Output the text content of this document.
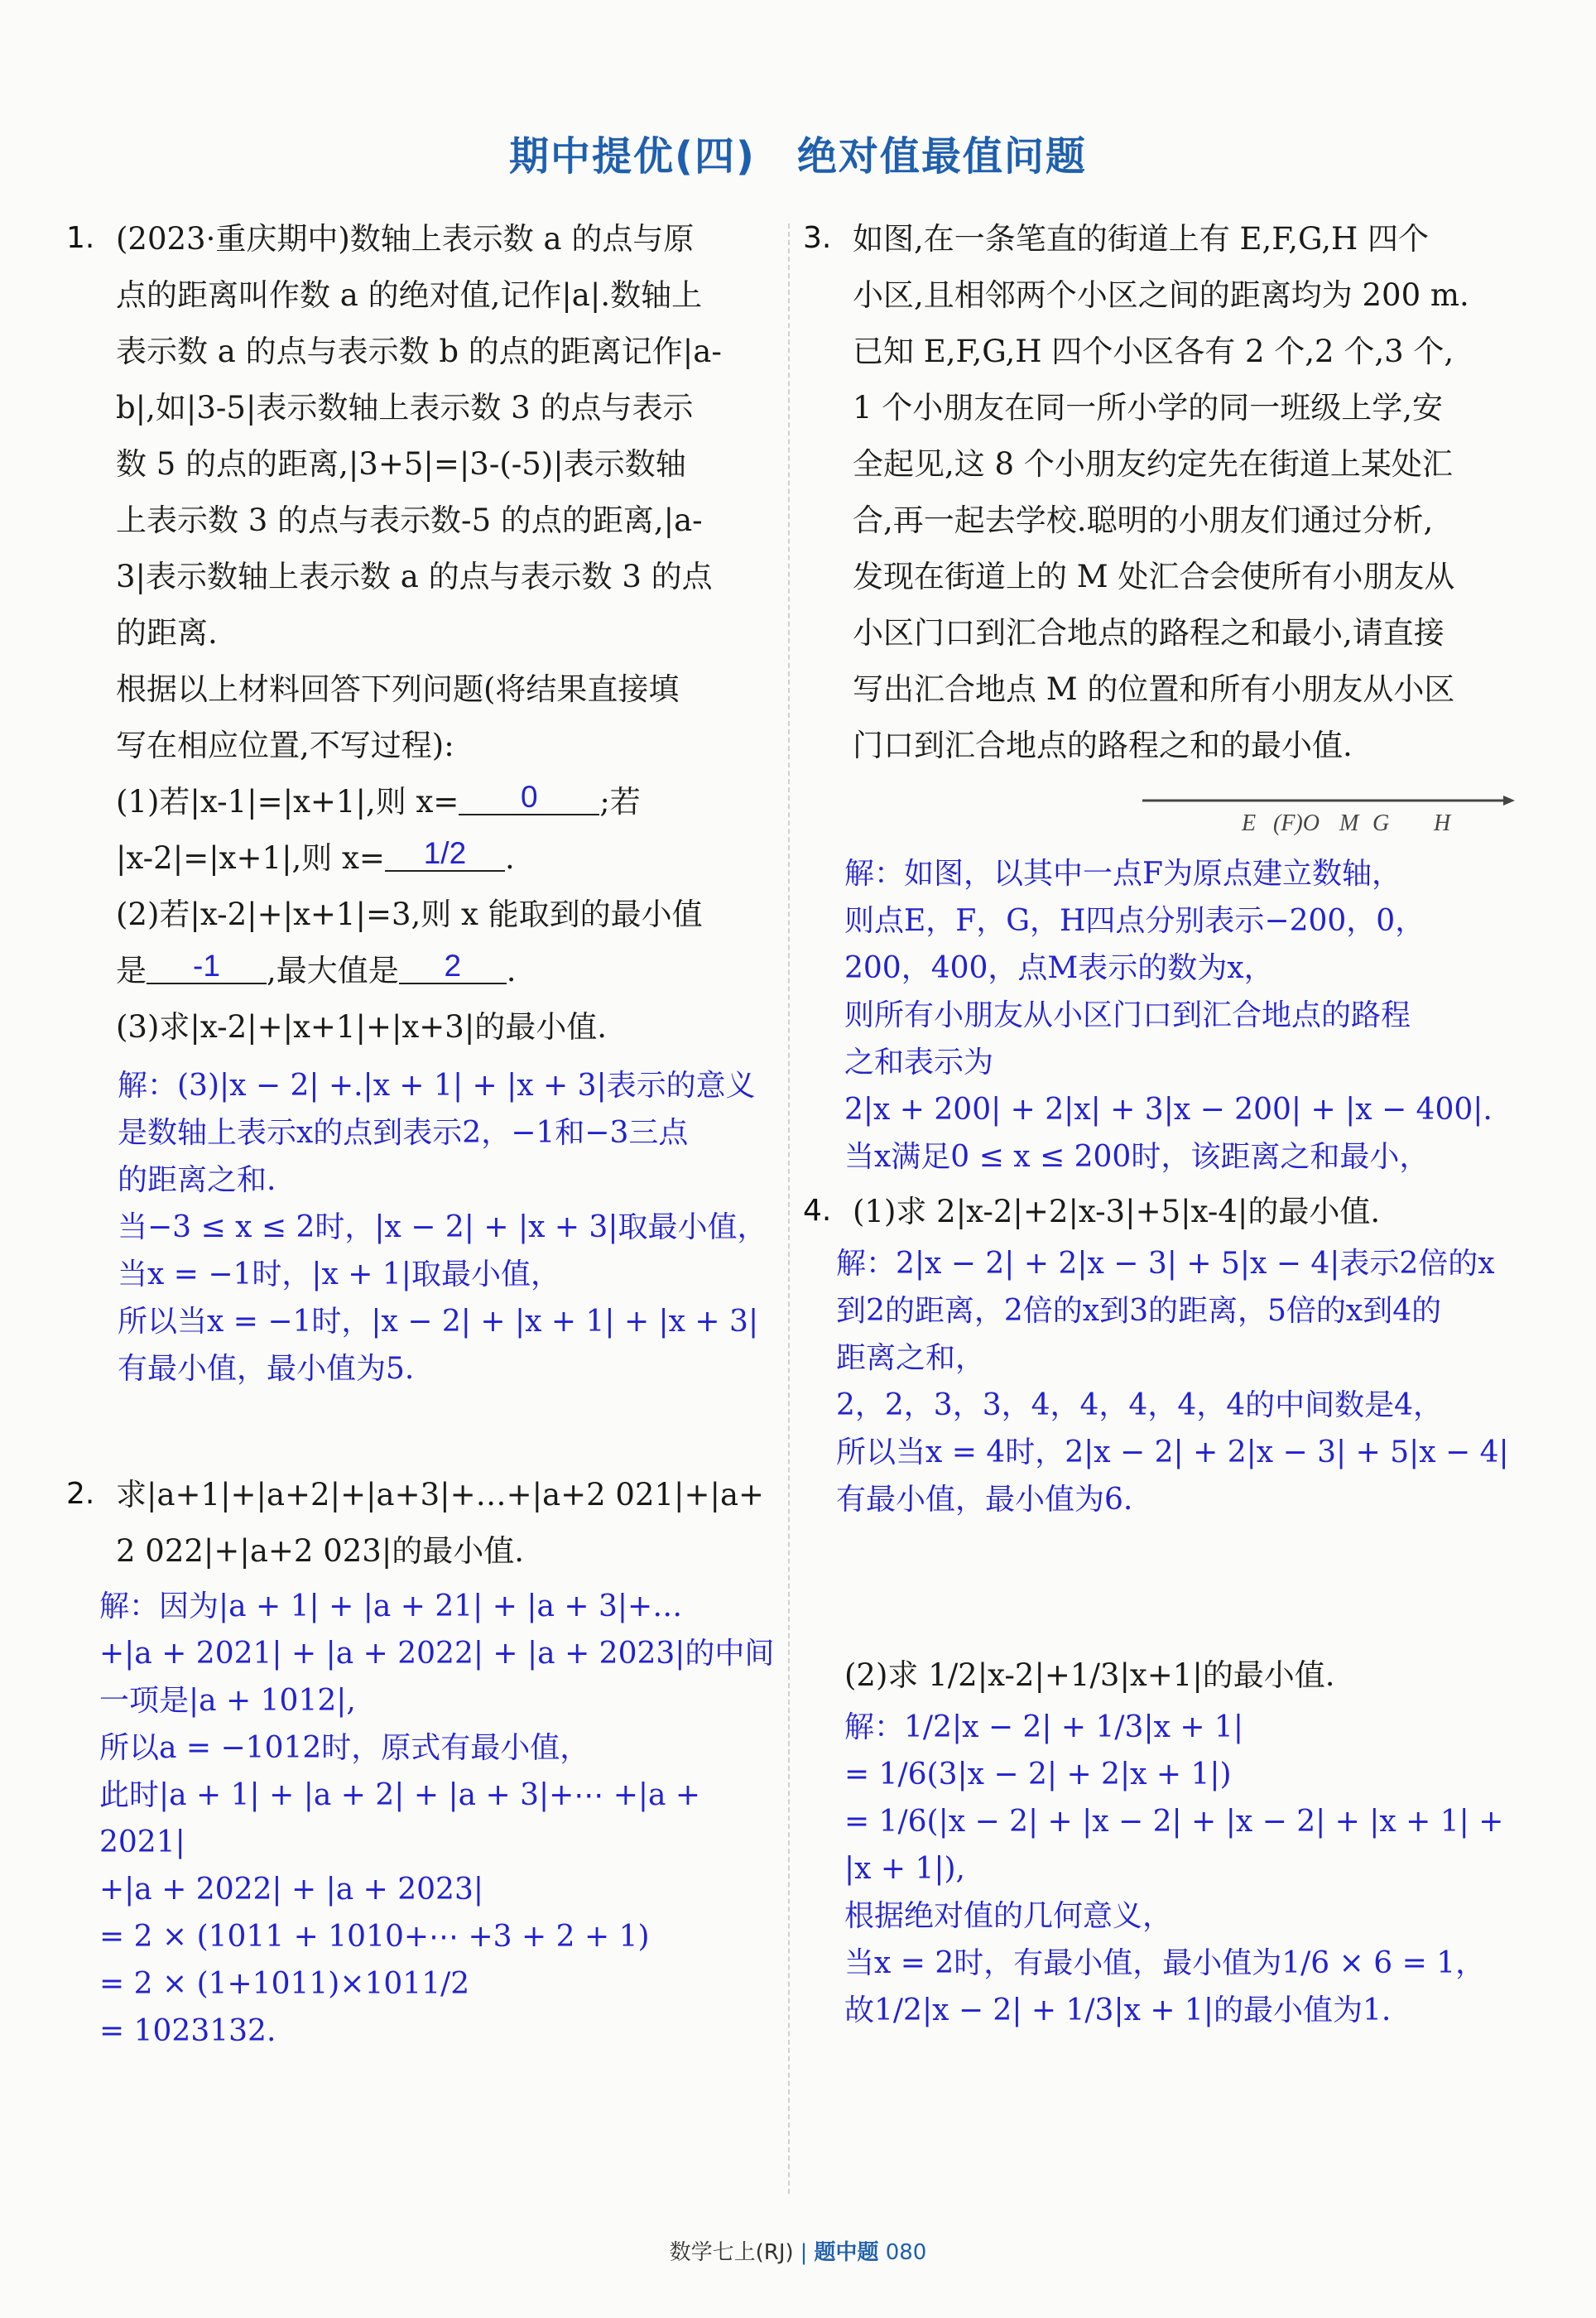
期中提优(四)　绝对值最值问题
1. (2023·重庆期中)数轴上表示数 a 的点与原

点的距离叫作数 a 的绝对值,记作|a|.数轴上

表示数 a 的点与表示数 b 的点的距离记作|a-

b|,如|3-5|表示数轴上表示数 3 的点与表示

数 5 的点的距离,|3+5|=|3-(-5)|表示数轴

上表示数 3 的点与表示数-5 的点的距离,|a-

3|表示数轴上表示数 a 的点与表示数 3 的点

的距离.

根据以上材料回答下列问题(将结果直接填

写在相应位置,不写过程):

(1)若|x-1|=|x+1|,则 x= 0 ;若

|x-2|=|x+1|,则 x= 1/2 .

(2)若|x-2|+|x+1|=3,则 x 能取到的最小值

是 -1 ,最大值是 2 .

(3)求|x-2|+|x+1|+|x+3|的最小值.

解：(3)|x − 2| +.|x + 1| + |x + 3|表示的意义

是数轴上表示x的点到表示2，−1和−3三点

的距离之和.

当−3 ≤ x ≤ 2时，|x − 2| + |x + 3|取最小值，

当x = −1时，|x + 1|取最小值，

所以当x = −1时，|x − 2| + |x + 1| + |x + 3|

有最小值，最小值为5.

2. 求|a+1|+|a+2|+|a+3|+…+|a+2 021|+|a+

2 022|+|a+2 023|的最小值.

解：因为|a + 1| + |a + 21| + |a + 3|+…

+|a + 2021| + |a + 2022| + |a + 2023|的中间

一项是|a + 1012|,

所以a = −1012时，原式有最小值，

此时|a + 1| + |a + 2| + |a + 3|+⋯ +|a + 2021|

+|a + 2022| + |a + 2023|

= 2 × (1011 + 1010+⋯ +3 + 2 + 1)

= 2 × (1+1011)×1011/2

= 1023132.

3. 如图,在一条笔直的街道上有 E,F,G,H 四个

小区,且相邻两个小区之间的距离均为 200 m.

已知 E,F,G,H 四个小区各有 2 个,2 个,3 个,

1 个小朋友在同一所小学的同一班级上学,安

全起见,这 8 个小朋友约定先在街道上某处汇

合,再一起去学校.聪明的小朋友们通过分析,

发现在街道上的 M 处汇合会使所有小朋友从

小区门口到汇合地点的路程之和最小,请直接

写出汇合地点 M 的位置和所有小朋友从小区

门口到汇合地点的路程之和的最小值.

E (F)O M G H

解：如图，以其中一点F为原点建立数轴，

则点E，F，G，H四点分别表示−200，0，

200，400，点M表示的数为x，

则所有小朋友从小区门口到汇合地点的路程

之和表示为

2|x + 200| + 2|x| + 3|x − 200| + |x − 400|.

当x满足0 ≤ x ≤ 200时，该距离之和最小，

4. (1)求 2|x-2|+2|x-3|+5|x-4|的最小值.

解：2|x − 2| + 2|x − 3| + 5|x − 4|表示2倍的x

到2的距离，2倍的x到3的距离，5倍的x到4的

距离之和，

2，2，3，3，4，4，4，4，4的中间数是4，

所以当x = 4时，2|x − 2| + 2|x − 3| + 5|x − 4|

有最小值，最小值为6.

(2)求 1/2|x-2|+1/3|x+1|的最小值.

解：1/2|x − 2| + 1/3|x + 1|

= 1/6(3|x − 2| + 2|x + 1|)

= 1/6(|x − 2| + |x − 2| + |x − 2| + |x + 1| + |x + 1|),

根据绝对值的几何意义，

当x = 2时，有最小值，最小值为1/6 × 6 = 1，

故1/2|x − 2| + 1/3|x + 1|的最小值为1.

数学七上(RJ) | 题中题 080
